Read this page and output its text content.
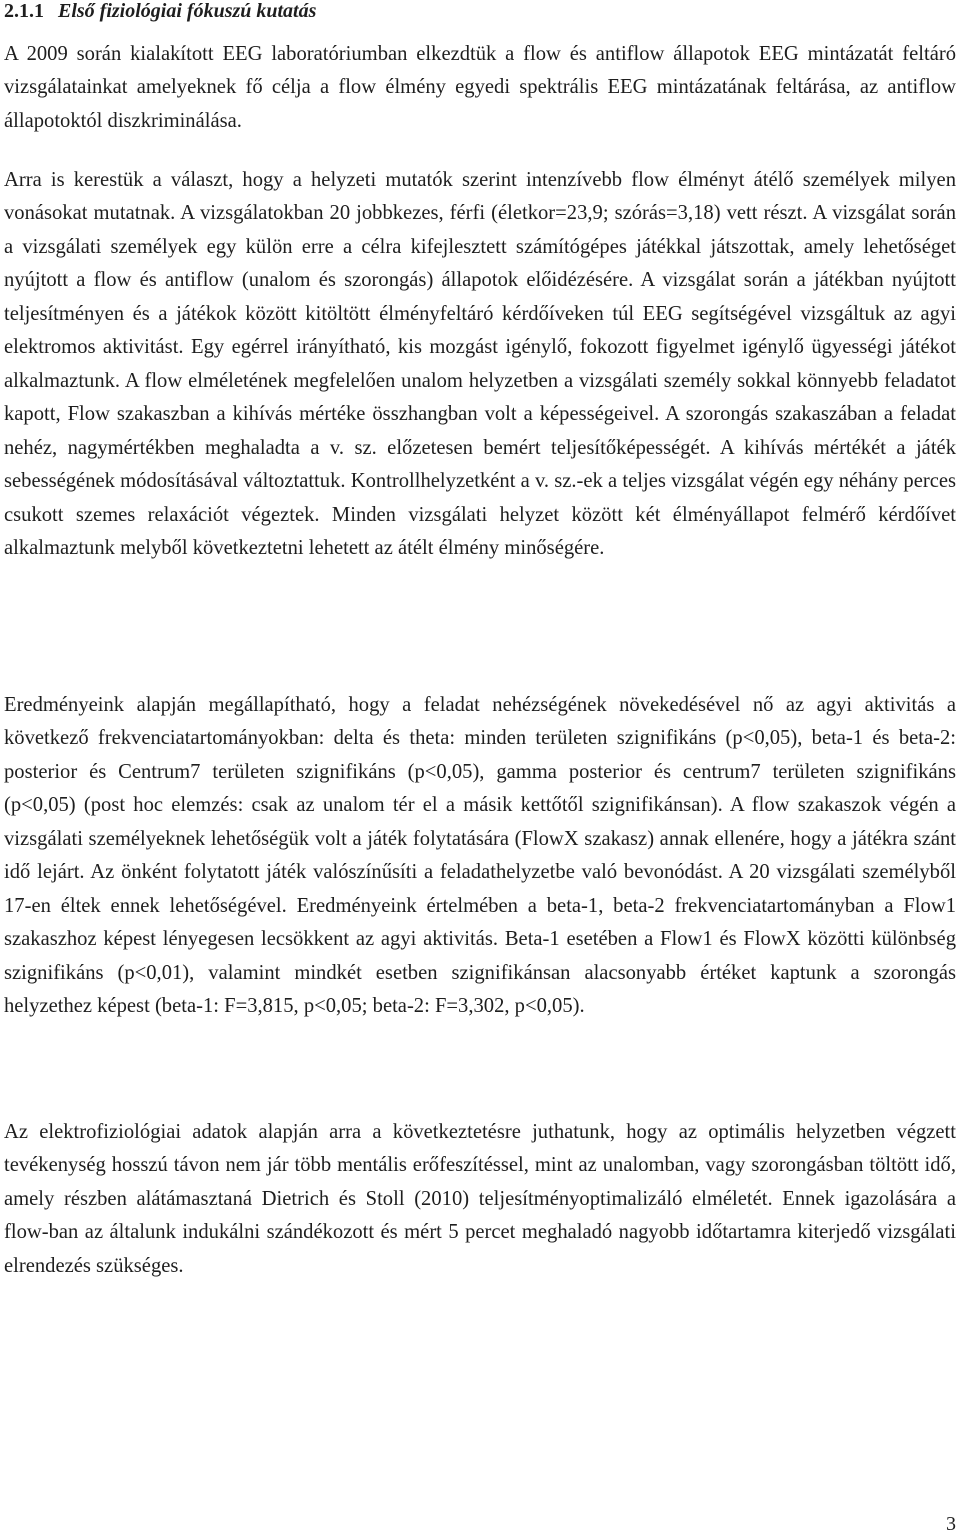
2.1.1 Első fiziológiai fókuszú kutatás

A 2009 során kialakított EEG laboratóriumban elkezdtük a flow és antiflow állapotok EEG mintázatát feltáró vizsgálatainkat amelyeknek fő célja a flow élmény egyedi spektrális EEG mintázatának feltárása, az antiflow állapotoktól diszkriminálása.

Arra is kerestük a választ, hogy a helyzeti mutatók szerint intenzívebb flow élményt átélő személyek milyen vonásokat mutatnak. A vizsgálatokban 20 jobbkezes, férfi (életkor=23,9; szórás=3,18) vett részt. A vizsgálat során a vizsgálati személyek egy külön erre a célra kifejlesztett számítógépes játékkal játszottak, amely lehetőséget nyújtott a flow és antiflow (unalom és szorongás) állapotok előidézésére. A vizsgálat során a játékban nyújtott teljesítményen és a játékok között kitöltött élményfeltáró kérdőíveken túl EEG segítségével vizsgáltuk az agyi elektromos aktivitást. Egy egérrel irányítható, kis mozgást igénylő, fokozott figyelmet igénylő ügyességi játékot alkalmaztunk. A flow elméletének megfelelően unalom helyzetben a vizsgálati személy sokkal könnyebb feladatot kapott, Flow szakaszban a kihívás mértéke összhangban volt a képességeivel. A szorongás szakaszában a feladat nehéz, nagymértékben meghaladta a v. sz. előzetesen bemért teljesítőképességét. A kihívás mértékét a játék sebességének módosításával változtattuk. Kontrollhelyzetként a v. sz.-ek a teljes vizsgálat végén egy néhány perces csukott szemes relaxációt végeztek. Minden vizsgálati helyzet között két élményállapot felmérő kérdőívet alkalmaztunk melyből következtetni lehetett az átélt élmény minőségére.

Eredményeink alapján megállapítható, hogy a feladat nehézségének növekedésével nő az agyi aktivitás a következő frekvenciatartományokban: delta és theta: minden területen szignifikáns (p<0,05), beta-1 és beta-2: posterior és Centrum7 területen szignifikáns (p<0,05), gamma posterior és centrum7 területen szignifikáns (p<0,05) (post hoc elemzés: csak az unalom tér el a másik kettőtől szignifikánsan). A flow szakaszok végén a vizsgálati személyeknek lehetőségük volt a játék folytatására (FlowX szakasz) annak ellenére, hogy a játékra szánt idő lejárt. Az önként folytatott játék valószínűsíti a feladathelyzetbe való bevonódást. A 20 vizsgálati személyből 17-en éltek ennek lehetőségével. Eredményeink értelmében a beta-1, beta-2 frekvenciatartományban a Flow1 szakaszhoz képest lényegesen lecsökkent az agyi aktivitás. Beta-1 esetében a Flow1 és FlowX közötti különbség szignifikáns (p<0,01), valamint mindkét esetben szignifikánsan alacsonyabb értéket kaptunk a szorongás helyzethez képest (beta-1: F=3,815, p<0,05; beta-2: F=3,302, p<0,05).

Az elektrofiziológiai adatok alapján arra a következtetésre juthatunk, hogy az optimális helyzetben végzett tevékenység hosszú távon nem jár több mentális erőfeszítéssel, mint az unalomban, vagy szorongásban töltött idő, amely részben alátámasztaná Dietrich és Stoll (2010) teljesítményoptimalizáló elméletét. Ennek igazolására a flow-ban az általunk indukálni szándékozott és mért 5 percet meghaladó nagyobb időtartamra kiterjedő vizsgálati elrendezés szükséges.

3
